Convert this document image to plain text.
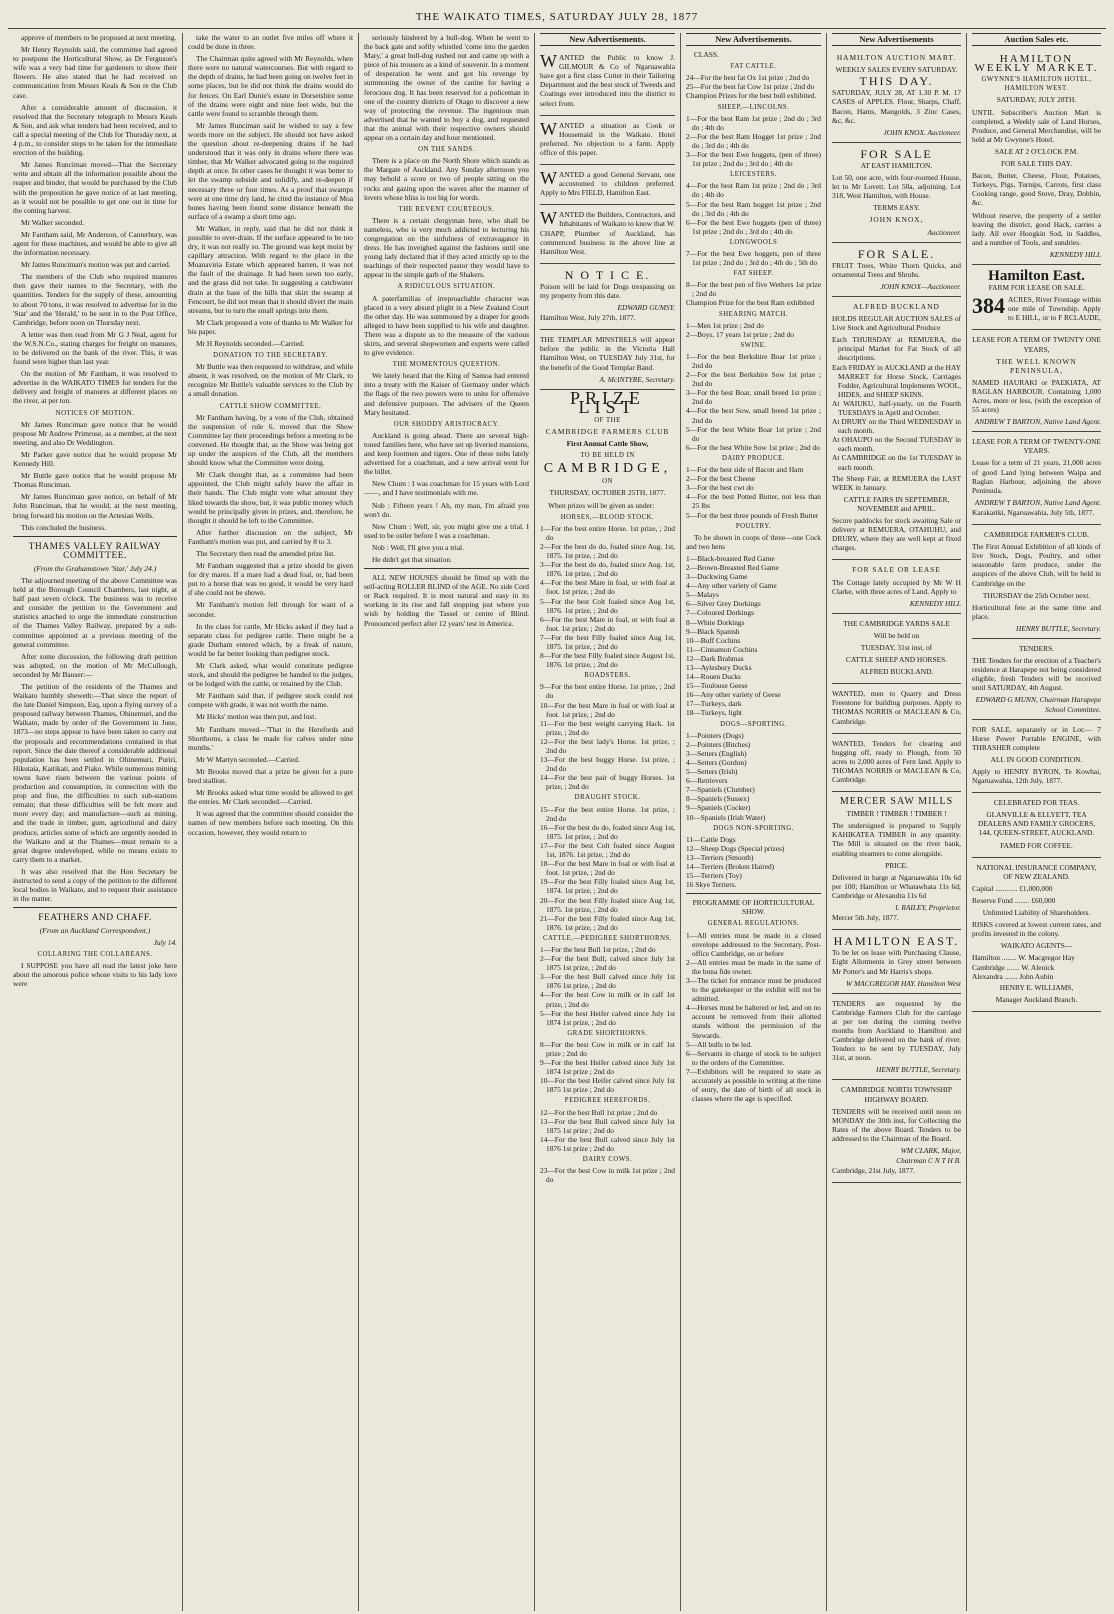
THE WAIKATO TIMES, SATURDAY JULY 28, 1877

approve of members to be proposed at next meeting.

Mr Henry Reynolds said, the committee had agreed to postpone the Horticultural Show, as Dr Ferguson's wife was a very bad time for gardeners to show their flowers. He also stated that he had received on communication from Messrs Keals & Son re the Club case.

After a considerable amount of discussion, it resolved that the Secretary telegraph to Messrs Keals & Son, and ask what tenders had been received, and to call a special meeting of the Club for Thursday next, at 4 p.m., to consider steps to be taken for the immediate erection of the building.

Mr James Runciman moved—That the Secretary write and obtain all the information possible about the reaper and binder, that would be purchased by the Club with the proposition he gave notice of at last meeting, as it would not be possible to get one out in time for the coming harvest.

Mr Walker seconded.

Mr Fantham said, Mr Anderson, of Canterbury, was agent for these machines, and would be able to give all the information necessary.

Mr James Runciman's motion was put and carried.

The members of the Club who required manures then gave their names to the Secretary, with the quantities. Tenders for the supply of these, amounting to about 70 tons, it was resolved to advertise for in the 'Star' and the 'Herald,' to be sent in to the Post Office, Cambridge, before noon on Thursday next.

A letter was then read from Mr G J Neal, agent for the W.S.N.Co., stating charges for freight on manures, to be delivered on the bank of the river. This, it was found were higher than last year.

On the motion of Mr Fantham, it was resolved to advertise in the WAIKATO TIMES for tenders for the delivery and freight of manures at different places on the river, at per ton.

NOTICES OF MOTION.

Mr James Runciman gave notice that he would propose Mr Andrew Primrose, as a member, at the next meeting, and also Dr Weddington.

Mr Parker gave notice that he would propose Mr Kennedy Hill.

Mr Buttle gave notice that he would propose Mr Thomas Runciman.

Mr James Runciman gave notice, on behalf of Mr John Runciman, that he would, at the next meeting, bring forward his motion on the Artesian Wells.

This concluded the business.

THAMES VALLEY RAILWAY COMMITTEE.
(From the Grahamstown 'Star,' July 24.)

The adjourned meeting of the above Committee was held at the Borough Council Chambers, last night, at half past seven o'clock. The business was to receive and consider the petition to the Government and statistics attached to urge the immediate construction of the Thames Valley Railway, prepared by a sub-committee appointed at a previous meeting of the general committee.

After some discussion, the following draft petition was adopted, on the motion of Mr McCullough, seconded by Mr Bauser:—

The petition of the residents of the Thames and Waikato humbly sheweth:—That since the report of the late Daniel Simpson, Esq, upon a flying survey of a proposed railway between Thames, Ohinemuri, and the Waikato, made by order of the Government in June, 1873—no steps appear to have been taken to carry out the proposals and recommendations contained in that report. Since the date thereof a considerable additional population has been settled in Ohinemuri, Puriri, Hikutaia, Kaitikati, and Piako. While numerous mining towns have risen between the various points of production and consumption, in connection with the prop and fine, the difficulties to such sub-stations remain; that these difficulties will be felt more and more every day; and manufacture—such as mining, and the trade in timber, gum, agricultural and dairy produce, articles some of which are urgently needed in the Waikato and at the Thames—must remain to a great degree undeveloped, while no means exists to carry them to a market.

It was also resolved that the Hon Secretary be instructed to send a copy of the petition to the different local bodies in Waikato, and to request their assistance in the matter.

FEATHERS AND CHAFF.
(From an Auckland Correspondent.)
July 14.
COLLARING THE COLLAREANS.

I SUPPOSE you have all read the latest joke here about the amorous police whose visits to his lady love were

take the water to an outlet five miles off where it could be done in three.

The Chairman quite agreed with Mr Reynolds, when there were no natural watercourses. But with regard to the depth of drains, he had been going on twelve feet in some places, but he did not think the drains would do for fences. On Earl Dunie's estate in Dorsetshire some of the drains were eight and nine feet wide, but the cattle were found to scramble through them.

Mr James Runciman said he wished to say a few words more on the subject. He should not have asked the question about re-deepening drains if he had understood that it was only in drains where there was timber, that Mr Walker advocated going to the required depth at once. In other cases he thought it was better to let the swamp subside and solidify, and re-deepen if necessary three or four times. As a proof that swamps were at one time dry land, he cited the instance of Moa bones having been found some distance beneath the surface of a swamp a short time ago.

Mr Walker, in reply, said that he did not think it possible to over-drain. If the surface appeared to be too dry, it was not really so. The ground was kept moist by capillary attraction. With regard to the place in the Moanaviria Estate which appeared barren, it was not the fault of the drainage. It had been sown too early, and the grass did not take. In suggesting a catchwater drain at the base of the hills that skirt the swamp at Fencourt, he did not mean that it should divert the main streams, but to turn the small springs into them.

Mr Clark proposed a vote of thanks to Mr Walker for his paper.

Mr H Reynolds seconded.—Carried.

DONATION TO THE SECRETARY.

Mr Buttle was then requested to withdraw, and while absent, it was resolved, on the motion of Mr Clark, to recognize Mr Buttle's valuable services to the Club by a small donation.

CATTLE SHOW COMMITTEE.

Mr Fantham having, by a vote of the Club, obtained the suspension of rule 6, moved that the Show Committee lay their proceedings before a meeting to be convened. He thought that, as the Show was being got up under the auspices of the Club, all the members should know what the Committee were doing.

Mr Clark thought that, as a committee had been appointed, the Club might safely leave the affair in their hands. The Club might vote what amount they liked towards the show, but, it was public money which would be principally given in prizes, and, therefore, he thought it should be left to the Committee.

After further discussion on the subject, Mr Fantham's motion was put, and carried by 8 to 3.

The Secretary then read the amended prize list.

Mr Fantham suggested that a prize should be given for dry mares. If a mare had a dead foal, or, had been put to a horse that was no good, it would be very hard if she could not be shown.

Mr Fantham's motion fell through for want of a seconder.

In the class for cattle, Mr Hicks asked if they had a separate class for pedigree cattle. There might be a grade Durham entered which, by a freak of nature, would be far better looking than pedigree stock.

Mr Clark asked, what would constitute pedigree stock, and should the pedigree be handed to the judges, or be lodged with the cattle, or retained by the Club.

Mr Fantham said that, if pedigree stock could not compete with grade, it was not worth the name.

Mr Hicks' motion was then put, and lost.

Mr Fantham moved—'That in the Herefords and Shorthorns, a class be made for calves under nine months.'

Mr W Martyn seconded.—Carried.

Mr Brooks moved that a prize be given for a pure bred stallion.

Mr Brooks asked what time would be allowed to get the entries. Mr Clark seconded.—Carried.

It was agreed that the committee should consider the names of new members before each meeting. On this occasion, however, they would return to

seriously hindered by a bull-dog. When he went to the back gate and softly whistled 'come into the garden Mary,' a great bull-dog rushed out and came up with a piece of his trousers as a kind of souvenir. In a moment of desperation he went and got his revenge by summoning the owner of the canine for having a ferocious dog. It has been reserved for a policeman in one of the country districts of Otago to discover a new way of protecting the revenue. The ingenious man advertised that he wanted to buy a dog, and requested that the animal with their respective owners should appear on a certain day and hour mentioned.

ON THE SANDS.

There is a place on the North Shore which stands as the Margate of Auckland. Any Sunday afternoon you may behold a score or two of people sitting on the rocks and gazing upon the waves after the manner of lovers whose bliss is too big for words.

THE REVENT COURTEOUS.

There is a certain clergyman here, who shall be nameless, who is very much addicted to lecturing his congregation on the sinfulness of extravagance in dress. He has inveighed against the fashions until one young lady declared that if they acted strictly up to the teachings of their respected pastor they would have to appear in the simple garb of the Shakers.

A RIDICULOUS SITUATION.

A paterfamilias of irreproachable character was placed in a very absurd plight in a New Zealand Court the other day. He was summoned by a draper for goods alleged to have been supplied to his wife and daughter. There was a dispute as to the measure of the various skirts, and several shopwomen and experts were called to give evidence.

THE MOMENTOUS QUESTION.

We lately heard that the King of Samoa had entered into a treaty with the Kaiser of Germany under which the flags of the two powers were to unite for offensive and defensive purposes. The advisers of the Queen Mary hesitated.

OUR SHODDY ARISTOCRACY.

Auckland is going ahead. There are several high-toned families here, who have set up liveried mansions, and keep footmen and tigers. One of these nobs lately advertised for a coachman, and a new arrival went for the billet.

New Chum : I was coachman for 15 years with Lord ——, and I have testimonials with me.

Nob : Fifteen years ! Ah, my man, I'm afraid you won't do.

New Chum : Well, sir, you might give me a trial. I used to be ostler before I was a coachman.

Nob : Well, I'll give you a trial.

He didn't get that situation.

ALL NEW HOUSES should be fitted up with the self-acting ROLLER BLIND of the AGE. No side Cord or Rack required. It is most natural and easy in its working in its rise and fall stopping just where you wish by holding the Tassel or centre of Blind. Pronounced perfect after 12 years' test in America.

New Advertisements.
W ANTED the Public to know J. GILMOUR & Co of Ngaruawahia have got a first class Cutter in their Tailoring Department and the best stock of Tweeds and Coatings ever introduced into the district to select from.

W ANTED a situation as Cook or Housemaid in the Waikato. Hotel preferred. No objection to a farm. Apply office of this paper.

W ANTED a good General Servant, one accustomed to children preferred. Apply to Mrs FIELD, Hamilton East.

W ANTED the Builders, Contractors, and Inhabitants of Waikato to know that W. CHAPP, Plumber of Auckland, has commenced business in the above line at Hamilton West.

N O T I C E.

Poison will be laid for Dogs trespassing on my property from this date.

EDWARD GUMSY.

Hamilton West, July 27th, 1877.

THE TEMPLAR MINSTRELS will appear before the public in the Victoria Hall Hamilton West, on TUESDAY July 31st, for the benefit of the Good Templar Band.

A. McINTYRE, Secretary.
PRIZE LIST
OF THE
CAMBRIDGE FARMERS CLUB
First Annual Cattle Show,
TO BE HELD IN
CAMBRIDGE,
ON
THURSDAY, OCTOBER 25TH, 1877.

When prizes will be given as under:

HORSES,—BLOOD STOCK.
1—For the best entire Horse. 1st prize, ; 2nd do
2—For the best do do, foaled since Aug. 1st, 1875. 1st prize, ; 2nd do
3—For the best do do, foaled since Aug. 1st, 1876. 1st prize, ; 2nd do
4—For the best Mare in foal, or with foal at foot. 1st prize, ; 2nd do
5—For the best Colt foaled since Aug 1st, 1876. 1st prize, ; 2nd do
6—For the best Mare in foal, or with foal at foot. 1st prize, ; 2nd do
7—For the best Filly foaled since Aug 1st, 1875. 1st prize, ; 2nd do
8—For the best Filly foaled since August 1st, 1876. 1st prize, ; 2nd do
ROADSTERS.
9—For the best entire Horse. 1st prize, ; 2nd do
10—For the best Mare in foal or with foal at foot. 1st prize, ; 2nd do
11—For the best weight carrying Hack. 1st prize, ; 2nd do
12—For the best lady's Horse. 1st prize, ; 2nd do
13—For the best buggy Horse. 1st prize, ; 2nd do
14—For the best pair of buggy Horses. 1st prize, ; 2nd do
DRAUGHT STOCK.
15—For the best entire Horse. 1st prize, ; 2nd do
16—For the best do do, foaled since Aug 1st, 1875. 1st prize, ; 2nd do
17—For the best Colt foaled since August 1st, 1876. 1st prize, ; 2nd do
18—For the best Mare in foal or with foal at foot. 1st prize, ; 2nd do
19—For the best Filly foaled since Aug 1st, 1874. 1st prize, ; 2nd do
20—For the best Filly foaled since Aug 1st, 1875. 1st prize, ; 2nd do
21—For the best Filly foaled since Aug 1st, 1876. 1st prize, ; 2nd do
CATTLE,—PEDIGREE SHORTHORNS.
1—For the best Bull 1st prize, ; 2nd do
2—For the best Bull, calved since July 1st 1875 1st prize, ; 2nd do
3—For the best Bull calved since July 1st 1876 1st prize, ; 2nd do
4—For the best Cow in milk or in calf 1st prize, ; 2nd do
5—For the best Heifer calved since July 1st 1874 1st prize, ; 2nd do
GRADE SHORTHORNS.
8—For the best Cow in milk or in calf 1st prize ; 2nd do
9—For the best Heifer calved since July 1st 1874 1st prize ; 2nd do
10—For the best Heifer calved since July 1st 1875 1st prize ; 2nd do
PEDIGREE HEREFORDS.
12—For the best Bull 1st prize ; 2nd do
13—For the best Bull calved since July 1st 1875 1st prize ; 2nd do
14—For the best Bull calved since July 1st 1876 1st prize ; 2nd do
DAIRY COWS.
23—For the best Cow in milk 1st prize ; 2nd do
New Advertisements.

CLASS.

FAT CATTLE.
24—For the best fat Ox 1st prize ; 2nd do
25—For the best fat Cow 1st prize ; 2nd do
Champion Prizes for the best bull exhibited.
SHEEP,—LINCOLNS.
1—For the best Ram 1st prize ; 2nd do ; 3rd do ; 4th do
2—For the best Ram Hogget 1st prize ; 2nd do ; 3rd do ; 4th do
3—For the best Ewe hoggets, (pen of three) 1st prize ; 2nd do ; 3rd do ; 4th do
LEICESTERS.
4—For the best Ram 1st prize ; 2nd do ; 3rd do ; 4th do
5—For the best Ram hogget 1st prize ; 2nd do ; 3rd do ; 4th do
6—For the best Ewe hoggets (pen of three) 1st prize ; 2nd do ; 3rd do ; 4th do
LONGWOOLS
7—For the best Ewe hoggets, pen of three 1st prize ; 2nd do ; 3rd do ; 4th do ; 5th do
FAT SHEEP.
8—For the best pen of five Wethers 1st prize ; 2nd do
Champion Prize for the best Ram exhibited
SHEARING MATCH.
1—Men 1st prize ; 2nd do
2—Boys, 17 years 1st prize ; 2nd do
SWINE.
1—For the best Berkshire Boar 1st prize ; 2nd do
2—For the best Berkshire Sow 1st prize ; 2nd do
3—For the best Boar, small breed 1st prize ; 2nd do
4—For the best Sow, small breed 1st prize ; 2nd do
5—For the best White Boar 1st prize ; 2nd do
6—For the best White Sow 1st prize ; 2nd do
DAIRY PRODUCE.
1—For the best side of Bacon and Ham
2—For the best Cheese
3—For the best cwt do
4—For the best Potted Butter, not less than 25 lbs
5—For the best three pounds of Fresh Butter
POULTRY.

To be shown in coops of three—one Cock and two hens

1—Black-breasted Red Game
2—Brown-Breasted Red Game
3—Duckwing Game
4—Any other variety of Game
5—Malays
6—Silver Grey Dorkings
7—Coloured Dorkings
8—White Dorkings
9—Black Spanish
10—Buff Cochins
11—Cinnamon Cochins
12—Dark Brahmas
13—Aylesbury Ducks
14—Rouen Ducks
15—Toulouse Geese
16—Any other variety of Geese
17—Turkeys, dark
18—Turkeys, light
DOGS—SPORTING.
1—Pointers (Dogs)
2—Pointers (Bitches)
3—Setters (English)
4—Setters (Gordon)
5—Setters (Irish)
6—Retrievers
7—Spaniels (Clumber)
8—Spaniels (Sussex)
9—Spaniels (Cocker)
10—Spaniels (Irish Water)
DOGS NON-SPORTING.
11—Cattle Dogs
12—Sheep Dogs (Special prizes)
13—Terriers (Smooth)
14—Terriers (Broken Haired)
15—Terriers (Toy)
16 Skye Terriers.
PROGRAMME OF HORTICULTURAL SHOW.
GENERAL REGULATIONS.
1—All entries must be made in a closed envelope addressed to the Secretary, Post-office Cambridge, on or before
2—All entries must be made in the name of the bona fide owner.
3—The ticket for entrance must be produced to the gatekeeper or the exhibit will not be admitted.
4—Horses must be haltered or led, and on no account be removed from their allotted stands without the permission of the Stewards.
5—All bulls to be led.
6—Servants in charge of stock to be subject to the orders of the Committee.
7—Exhibitors will be required to state as accurately as possible in writing at the time of entry, the date of birth of all stock in classes where the age is specified.
New Advertisements
HAMILTON AUCTION MART.
WEEKLY SALES EVERY SATURDAY.
THIS DAY.

SATURDAY, JULY 28, AT 1.30 P. M. 17 CASES of APPLES. Flour, Sharps, Chaff, Bacon, Hams, Mangolds, 3 Zinc Cases, &c, &c.

JOHN KNOX. Auctioneer.
FOR SALE
AT EAST HAMILTON.

Lot 50, one acre, with four-roomed House, let to Mr Lovett. Lot 50a, adjoining. Lot 318, West Hamilton, with House.

TERMS EASY.
JOHN KNOX,
Auctioneer.
FOR SALE.

FRUIT Trees, White Thorn Quicks, and ornamental Trees and Shrubs.

JOHN KNOX—Auctioneer.
ALFRED BUCKLAND

HOLDS REGULAR AUCTION SALES of Live Stock and Agricultural Produce

Each THURSDAY at REMUERA, the principal Market for Fat Stock of all descriptions.
Each FRIDAY in AUCKLAND at the HAY MARKET for Horse Stock, Carriages Fodder, Agricultural Implements WOOL, HIDES, and SHEEP SKINS.
At WAIUKU, half-yearly, on the Fourth TUESDAYS in April and October.
At DRURY on the Third WEDNESDAY in each month.
At OHAUPO on the Second TUESDAY in each month.
At CAMBRIDGE on the 1st TUESDAY in each month.

The Sheep Fair, at REMUERA the LAST WEEK in January.

CATTLE FAIRS IN SEPTEMBER, NOVEMBER and APRIL.

Secure paddocks for stock awaiting Sale or delivery at REMUERA, OTAHUHU, and DRURY, where they are well kept at fixed charges.

FOR SALE OR LEASE

The Cottage lately occupied by Mr W H Clarke, with three acres of Land. Apply to

KENNEDY HILL
THE CAMBRIDGE YARDS SALE
Will be held on
TUESDAY, 31st inst, of
CATTLE SHEEP AND HORSES.
ALFRED BUCKLAND.

WANTED, men to Quarry and Dress Freestone for building purposes. Apply to THOMAS NORRIS or MACLEAN & Co, Cambridge.

WANTED, Tenders for clearing and bugging off, ready to Plough, from 50 acres to 2,000 acres of Fern land. Apply to THOMAS NORRIS or MACLEAN & Co, Cambridge.

MERCER SAW MILLS
TIMBER ! TIMBER ! TIMBER !

The undersigned is prepared to Supply KAHIKATEA TIMBER in any quantity. The Mill is situated on the river bank, enabling steamers to come alongside.

PRICE.

Delivered in barge at Ngaruawahia 10s 6d per 100; Hamilton or Whatawhata 11s 6d; Cambridge or Alexandra 11s 6d

I. RAILEY, Proprietor.

Mercer 5th July, 1877.

HAMILTON EAST.

To be let on lease with Purchasing Clause, Eight Allotments in Grey street between Mr Potter's and Mr Harris's shops.

W MACGREGOR HAY. Hamilton West

TENDERS are requested by the Cambridge Farmers Club for the carriage at per ton during the coming twelve months from Auckland to Hamilton and Cambridge delivered on the bank of river. Tenders to be sent by TUESDAY, July 31st, at noon.

HENRY BUTTLE, Secretary.
CAMBRIDGE NORTH TOWNSHIP HIGHWAY BOARD.

TENDERS will be received until noon on MONDAY the 30th inst, for Collecting the Rates of the above Board. Tenders to be addressed to the Chairman of the Board.

WM CLARK, Major,
Chairman C N T H B.

Cambridge, 21st July, 1877.

Auction Sales etc.
HAMILTON WEEKLY MARKET.
GWYNNE'S HAMILTON HOTEL, HAMILTON WEST.
SATURDAY, JULY 28TH.

UNTIL Subscriber's Auction Mart is completed, a Weekly sale of Land Horses, Produce, and General Merchandise, will be held at Mr Gwynne's Hotel.

SALE AT 2 O'CLOCK P.M.
FOR SALE THIS DAY.

Bacon, Butter, Cheese, Flour, Potatoes, Turkeys, Pigs, Turnips, Carrots, first class Cooking range, good Stove, Dray, Dobbin, &c.

Without reserve, the property of a settler leaving the district, good Hack, carries a lady. All over Hoogkin Sod, in Saddles, and a number of Tools, and sundries.

KENNEDY HILL
Hamilton East.
FARM FOR LEASE OR SALE.
384 ACRES, River Frontage within one mile of Township. Apply to E HILL, or to F RCLAUDE,

LEASE FOR A TERM OF TWENTY ONE YEARS,
THE WELL KNOWN PENINSULA,

NAMED HAURAKI or PAEKIATA, AT RAGLAN HARBOUR. Containing 1,000 Acres, more or less, (with the exception of 55 acres)

ANDREW T BARTON, Native Land Agent.
LEASE FOR A TERM OF TWENTY-ONE YEARS.

Lease for a term of 21 years, 21,000 acres of good Land lying between Waipa and Raglan Harbour, adjoining the above Peninsula.

ANDREW T BARTON, Native Land Agent.

Karakariki, Ngaruawahia, July 5th, 1877.

CAMBRIDGE FARMER'S CLUB.

The First Annual Exhibition of all kinds of live Stock, Dogs, Poultry, and other seasonable farm produce, under the auspices of the above Club, will be held in Cambridge on the

THURSDAY the 25th October next.

Horticultural fete at the same time and place.

HENRY BUTTLE, Secretary.
TENDERS.

THE Tenders for the erection of a Teacher's residence at Harapepe not being considered eligible, fresh Tenders will be received until SATURDAY, 4th August.

EDWARD G MUNN, Chairman Harapepe School Committee.

FOR SALE, separately or in Lot:— 7 Horse Power Portable ENGINE, with THRASHER complete

ALL IN GOOD CONDITION.

Apply to HENRY BYRON, Te Kowhai, Ngaruawahia, 12th July, 1877.

CELEBRATED FOR TEAS.

GLANVILLE & ELLYETT, TEA DEALERS AND FAMILY GROCERS, 144, QUEEN-STREET, AUCKLAND.

FAMED FOR COFFEE.
NATIONAL INSURANCE COMPANY, OF NEW ZEALAND.

Capital ............ £1,000,000

Reserve Fund ........ £60,000

Unlimited Liability of Shareholders.

RISKS covered at lowest current rates, and profits invested in the colony.

WAIKATO AGENTS—
Hamilton ........ W. Macgregor Hay
Cambridge ....... W. Alenick
Alexandra ....... John Aubin
HENRY E. WILLIAMS,
Manager Auckland Branch.
